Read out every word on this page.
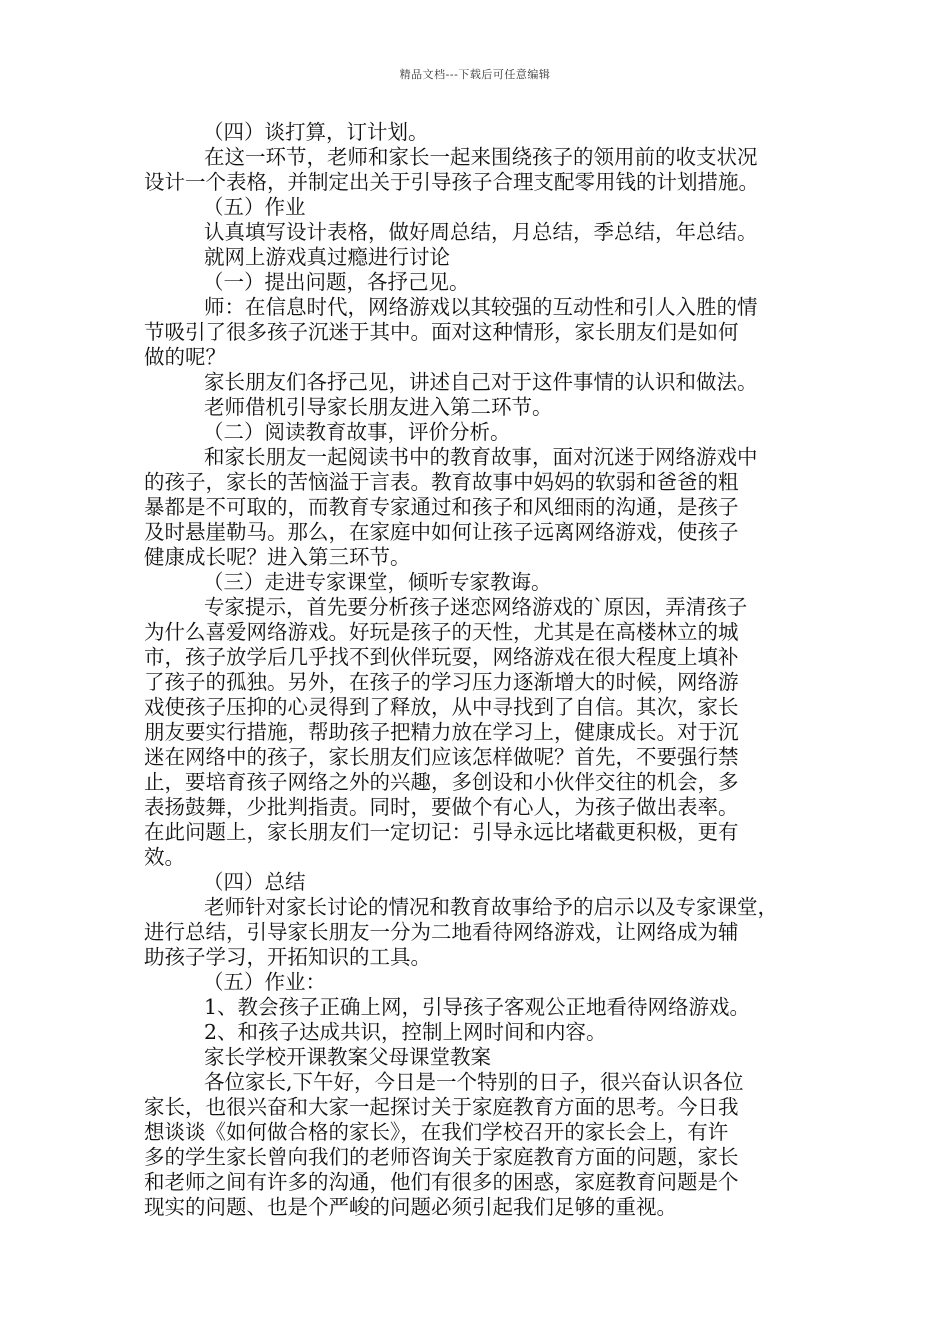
精品文档---下载后可任意编辑
（四）谈打算，订计划。
在这一环节，老师和家长一起来围绕孩子的领用前的收支状况
设计一个表格，并制定出关于引导孩子合理支配零用钱的计划措施。
（五）作业
认真填写设计表格，做好周总结，月总结，季总结，年总结。
就网上游戏真过瘾进行讨论
（一）提出问题，各抒己见。
师：在信息时代，网络游戏以其较强的互动性和引人入胜的情
节吸引了很多孩子沉迷于其中。面对这种情形，家长朋友们是如何
做的呢？
家长朋友们各抒己见，讲述自己对于这件事情的认识和做法。
老师借机引导家长朋友进入第二环节。
（二）阅读教育故事，评价分析。
和家长朋友一起阅读书中的教育故事，面对沉迷于网络游戏中
的孩子，家长的苦恼溢于言表。教育故事中妈妈的软弱和爸爸的粗
暴都是不可取的，而教育专家通过和孩子和风细雨的沟通，是孩子
及时悬崖勒马。那么，在家庭中如何让孩子远离网络游戏，使孩子
健康成长呢？进入第三环节。
（三）走进专家课堂，倾听专家教诲。
专家提示，首先要分析孩子迷恋网络游戏的`原因，弄清孩子
为什么喜爱网络游戏。好玩是孩子的天性，尤其是在高楼林立的城
市，孩子放学后几乎找不到伙伴玩耍，网络游戏在很大程度上填补
了孩子的孤独。另外，在孩子的学习压力逐渐增大的时候，网络游
戏使孩子压抑的心灵得到了释放，从中寻找到了自信。其次，家长
朋友要实行措施，帮助孩子把精力放在学习上，健康成长。对于沉
迷在网络中的孩子，家长朋友们应该怎样做呢？首先，不要强行禁
止，要培育孩子网络之外的兴趣，多创设和小伙伴交往的机会，多
表扬鼓舞，少批判指责。同时，要做个有心人，为孩子做出表率。
在此问题上，家长朋友们一定切记：引导永远比堵截更积极，更有
效。
（四）总结
老师针对家长讨论的情况和教育故事给予的启示以及专家课堂，
进行总结，引导家长朋友一分为二地看待网络游戏，让网络成为辅
助孩子学习，开拓知识的工具。
（五）作业：
1、教会孩子正确上网，引导孩子客观公正地看待网络游戏。
2、和孩子达成共识，控制上网时间和内容。
家长学校开课教案父母课堂教案
各位家长,下午好，今日是一个特别的日子，很兴奋认识各位
家长，也很兴奋和大家一起探讨关于家庭教育方面的思考。今日我
想谈谈《如何做合格的家长》，在我们学校召开的家长会上，有许
多的学生家长曾向我们的老师咨询关于家庭教育方面的问题，家长
和老师之间有许多的沟通，他们有很多的困惑，家庭教育问题是个
现实的问题、也是个严峻的问题必须引起我们足够的重视。
